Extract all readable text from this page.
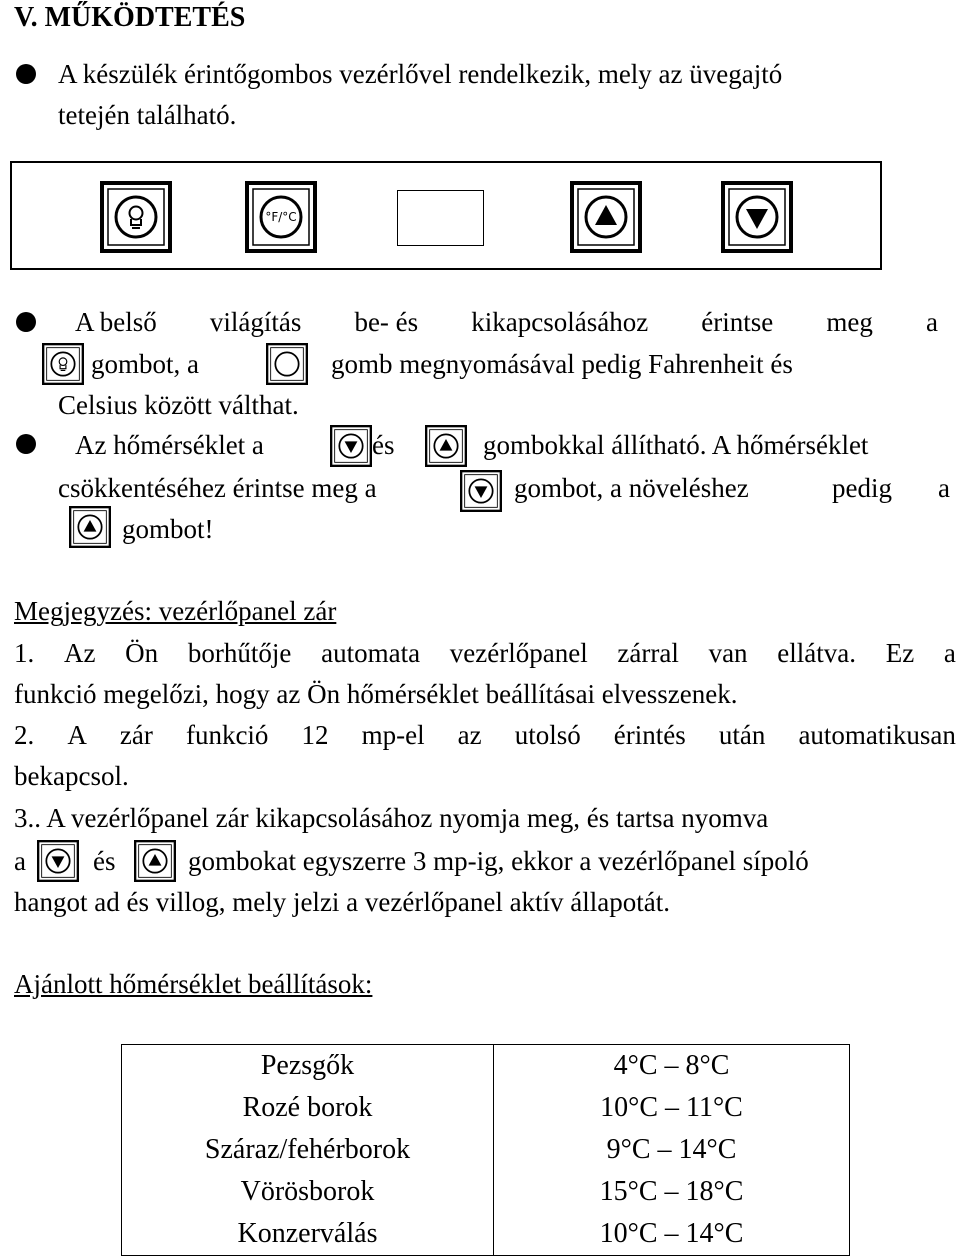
V. MŰKÖDTETÉS
A készülék érintőgombos vezérlővel rendelkezik, mely az üvegajtó
tetején található.
°F/°C
A belső világítás be- és kikapcsolásához érintse meg a
gombot, a	gomb megnyomásával pedig Fahrenheit és
Celsius között válthat.
Az hőmérséklet a	és	gombokkal állítható. A hőmérséklet
csökkentéséhez érintse meg a	gombot, a növeléshez	pedig a
gombot!
Megjegyzés: vezérlőpanel zár
1. Az Ön borhűtője automata vezérlőpanel zárral van ellátva. Ez a
funkció megelőzi, hogy az Ön hőmérséklet beállításai elvesszenek.
2. A zár funkció 12 mp-el az utolsó érintés után automatikusan
bekapcsol.
3.. A vezérlőpanel zár kikapcsolásához nyomja meg, és tartsa nyomva
a és	gombokat egyszerre 3 mp-ig, ekkor a vezérlőpanel sípoló
hangot ad és villog, mely jelzi a vezérlőpanel aktív állapotát.
Ajánlott hőmérséklet beállítások:
Pezsgők	4°C – 8°C
Rozé borok	10°C – 11°C
Száraz/fehérborok	9°C – 14°C
Vörösborok	15°C – 18°C
Konzerválás	10°C – 14°C
